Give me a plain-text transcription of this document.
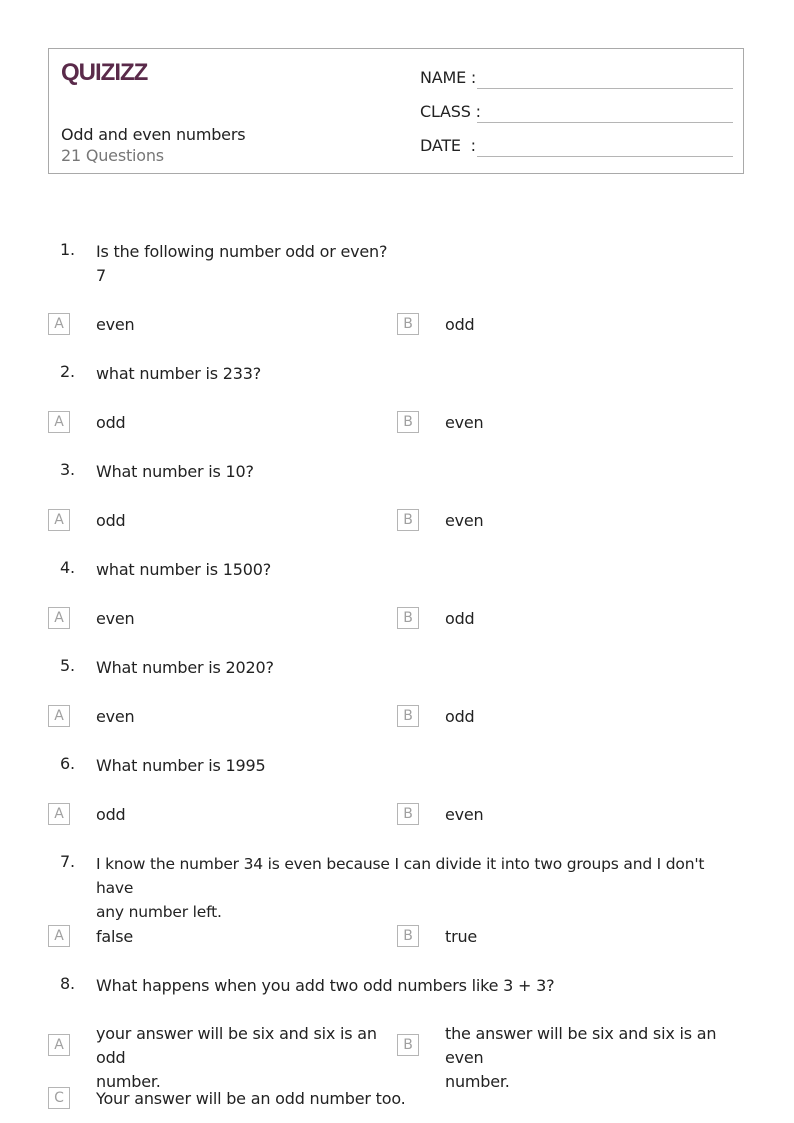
QUIZIZZ
Odd and even numbers
21 Questions
NAME :
CLASS :
DATE  :
1.	Is the following number odd or even?
7
A	even	B	odd
2.	what number is 233?
A	odd	B	even
3.	What number is 10?
A	odd	B	even
4.	what number is 1500?
A	even	B	odd
5.	What number is 2020?
A	even	B	odd
6.	What number is 1995
A	odd	B	even
7.	I know the number 34 is even because I can divide it into two groups and I don't have
any number left.
A	false	B	true
8.	What happens when you add two odd numbers like 3 + 3?
A
your answer will be six and six is an odd
number.
B
the answer will be six and six is an even
number.
C	Your answer will be an odd number too.
